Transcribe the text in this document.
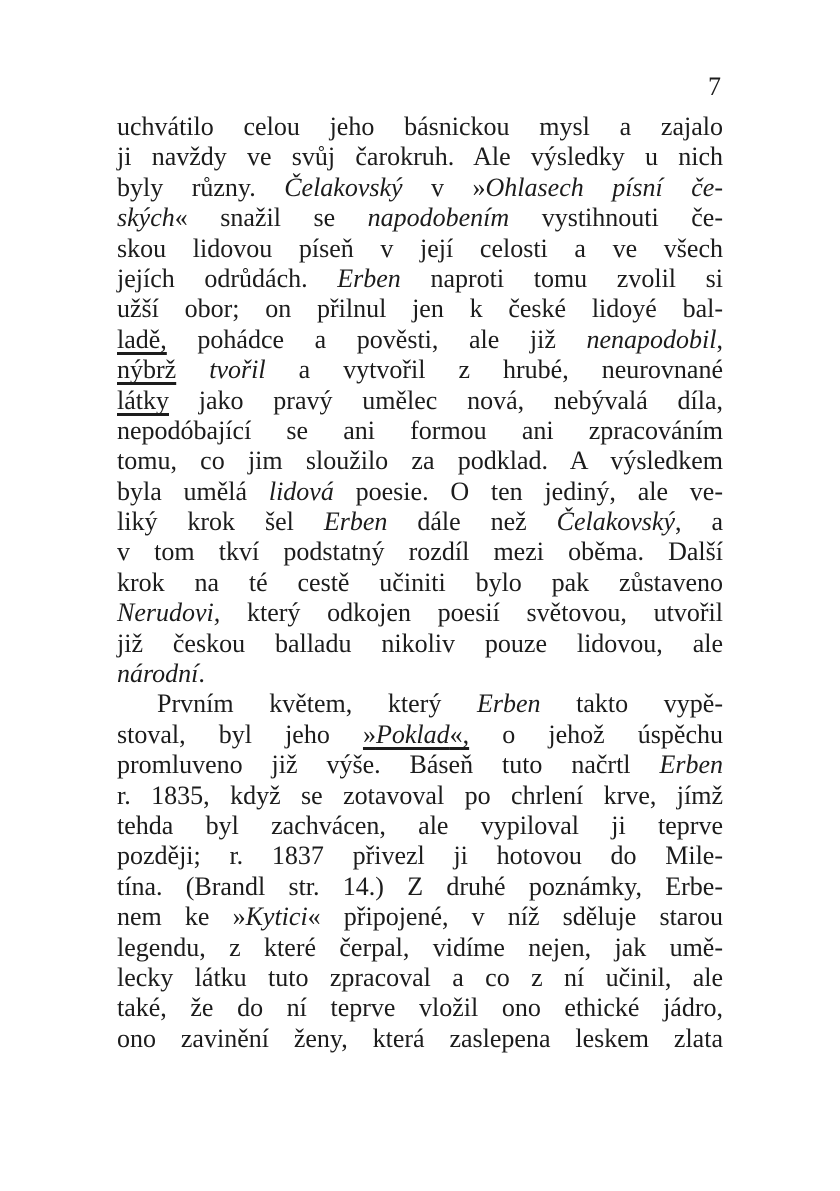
7
uchvátilo celou jeho básnickou mysl a zajalo
ji navždy ve svůj čarokruh. Ale výsledky u nich
byly různy. Čelakovský v »Ohlasech písní če-
ských« snažil se napodobením vystihnouti če-
skou lidovou píseň v její celosti a ve všech
jejích odrůdách. Erben naproti tomu zvolil si
užší obor; on přilnul jen k české lidoyé bal-
ladě, pohádce a pověsti, ale již nenapodobil,
nýbrž tvořil a vytvořil z hrubé, neurovnané
látky jako pravý umělec nová, nebývalá díla,
nepodóbající se ani formou ani zpracováním
tomu, co jim sloužilo za podklad. A výsledkem
byla umělá lidová poesie. O ten jediný, ale ve-
liký krok šel Erben dále než Čelakovský, a
v tom tkví podstatný rozdíl mezi oběma. Další
krok na té cestě učiniti bylo pak zůstaveno
Nerudovi, který odkojen poesií světovou, utvořil
již českou balladu nikoliv pouze lidovou, ale
národní.
Prvním květem, který Erben takto vypě-
stoval, byl jeho »Poklad«, o jehož úspěchu
promluveno již výše. Báseň tuto načrtl Erben
r. 1835, když se zotavoval po chrlení krve, jímž
tehda byl zachvácen, ale vypiloval ji teprve
později; r. 1837 přivezl ji hotovou do Mile-
tína. (Brandl str. 14.) Z druhé poznámky, Erbe-
nem ke »Kytici« připojené, v níž sděluje starou
legendu, z které čerpal, vidíme nejen, jak umě-
lecky látku tuto zpracoval a co z ní učinil, ale
také, že do ní teprve vložil ono ethické jádro,
ono zavinění ženy, která zaslepena leskem zlata
